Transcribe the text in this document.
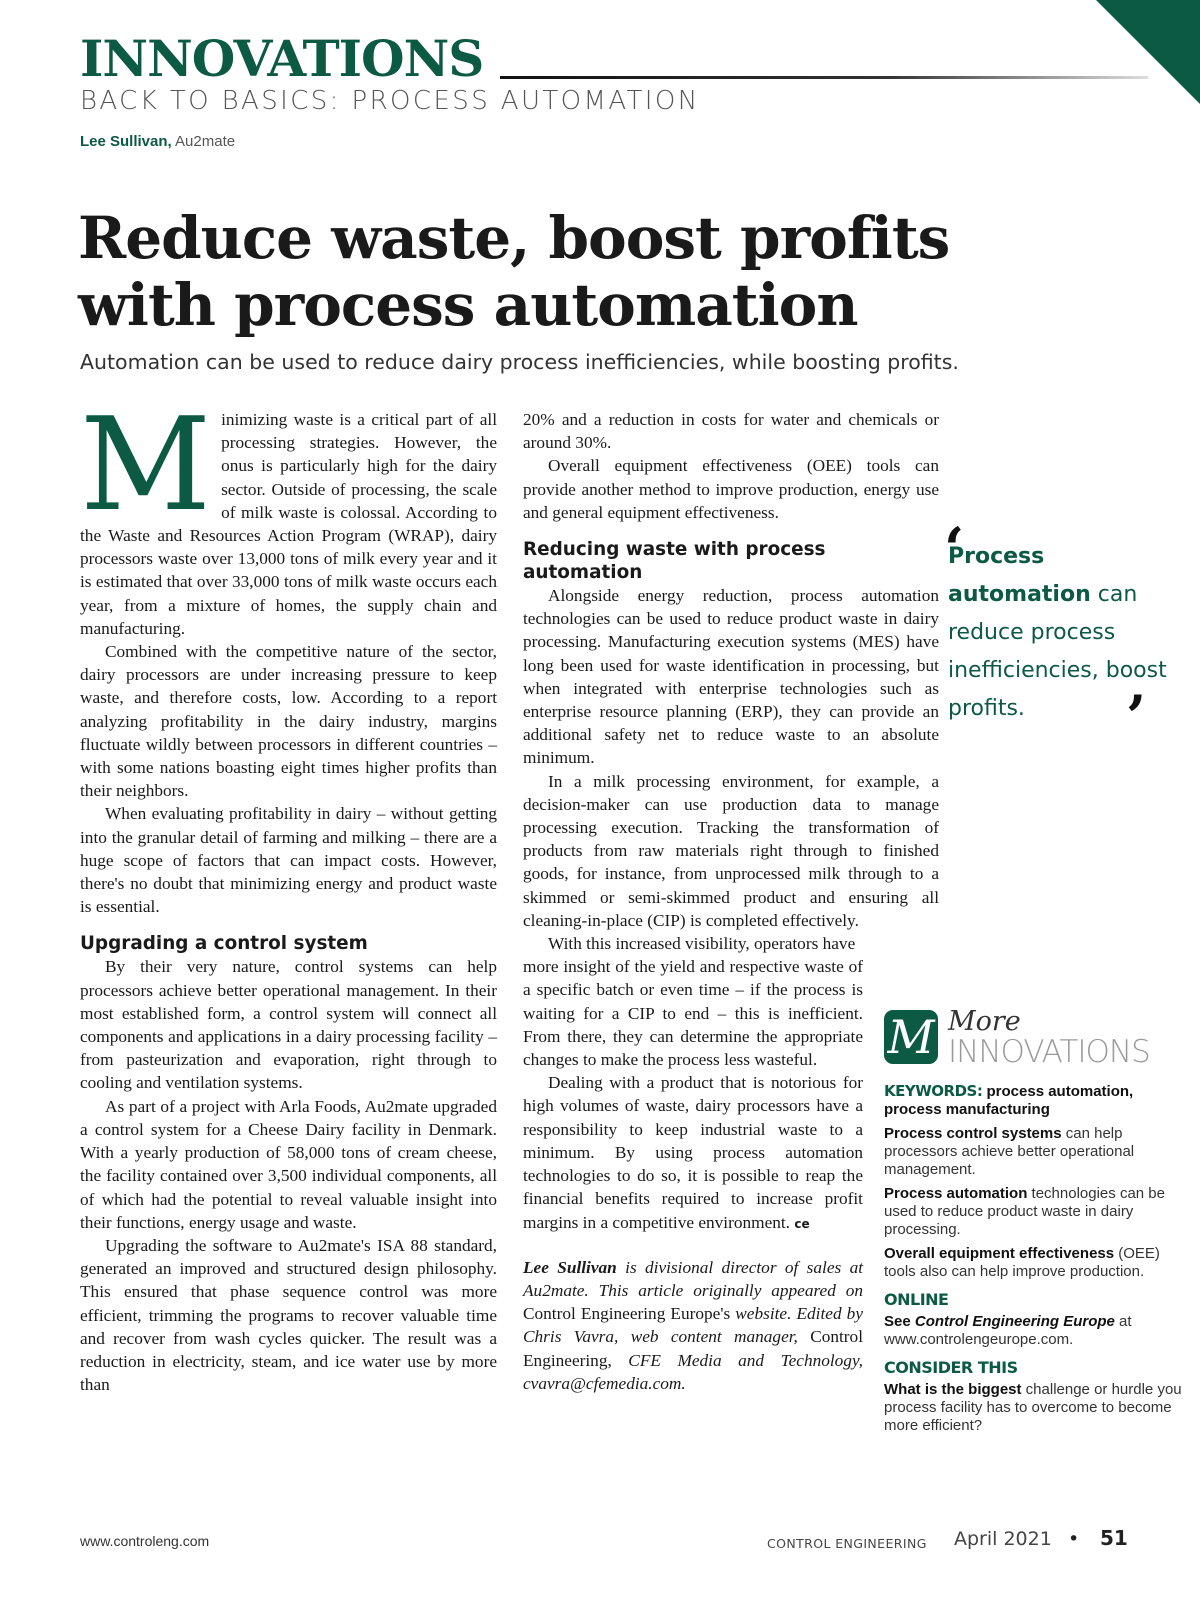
INNOVATIONS
BACK TO BASICS: PROCESS AUTOMATION
Lee Sullivan, Au2mate
Reduce waste, boost profits with process automation
Automation can be used to reduce dairy process inefficiencies, while boosting profits.

Minimizing waste is a critical part of all processing strategies. However, the onus is particularly high for the dairy sector. Outside of processing, the scale of milk waste is colossal. According to the Waste and Resources Action Program (WRAP), dairy processors waste over 13,000 tons of milk every year and it is estimated that over 33,000 tons of milk waste occurs each year, from a mixture of homes, the supply chain and manufacturing.

Combined with the competitive nature of the sector, dairy processors are under increasing pressure to keep waste, and therefore costs, low. According to a report analyzing profitability in the dairy industry, margins fluctuate wildly between processors in different countries – with some nations boasting eight times higher profits than their neighbors.

When evaluating profitability in dairy – without getting into the granular detail of farming and milking – there are a huge scope of factors that can impact costs. However, there's no doubt that minimizing energy and product waste is essential.

Upgrading a control system

By their very nature, control systems can help processors achieve better operational management. In their most established form, a control system will connect all components and applications in a dairy processing facility – from pasteurization and evaporation, right through to cooling and ventilation systems.

As part of a project with Arla Foods, Au2mate upgraded a control system for a Cheese Dairy facility in Denmark. With a yearly production of 58,000 tons of cream cheese, the facility contained over 3,500 individual components, all of which had the potential to reveal valuable insight into their functions, energy usage and waste.

Upgrading the software to Au2mate's ISA 88 standard, generated an improved and structured design philosophy. This ensured that phase sequence control was more efficient, trimming the programs to recover valuable time and recover from wash cycles quicker. The result was a reduction in electricity, steam, and ice water use by more than

20% and a reduction in costs for water and chemicals or around 30%.

Overall equipment effectiveness (OEE) tools can provide another method to improve production, energy use and general equipment effectiveness.

Reducing waste with process automation

Alongside energy reduction, process automation technologies can be used to reduce product waste in dairy processing. Manufacturing execution systems (MES) have long been used for waste identification in processing, but when integrated with enterprise technologies such as enterprise resource planning (ERP), they can provide an additional safety net to reduce waste to an absolute minimum.

In a milk processing environment, for example, a decision-maker can use production data to manage processing execution. Tracking the transformation of products from raw materials right through to finished goods, for instance, from unprocessed milk through to a skimmed or semi-skimmed product and ensuring all cleaning-in-place (CIP) is completed effectively.

With this increased visibility, operators have

more insight of the yield and respective waste of a specific batch or even time – if the process is waiting for a CIP to end – this is inefficient. From there, they can determine the appropriate changes to make the process less wasteful.

Dealing with a product that is notorious for high volumes of waste, dairy processors have a responsibility to keep industrial waste to a minimum. By using process automation technologies to do so, it is possible to reap the financial benefits required to increase profit margins in a competitive environment. ce

Lee Sullivan is divisional director of sales at Au2mate. This article originally appeared on Control Engineering Europe's website. Edited by Chris Vavra, web content manager, Control Engineering, CFE Media and Technology, cvavra@cfemedia.com.

‘
Process automation can reduce process inefficiencies, boost profits.	’
M More
INNOVATIONS

KEYWORDS: process automation, process manufacturing

Process control systems can help processors achieve better operational management.

Process automation technologies can be used to reduce product waste in dairy processing.

Overall equipment effectiveness (OEE) tools also can help improve production.

ONLINE

See Control Engineering Europe at www.controlengeurope.com.

CONSIDER THIS

What is the biggest challenge or hurdle you process facility has to overcome to become more efficient?

www.controleng.com	CONTROL ENGINEERING April 2021 • 51
